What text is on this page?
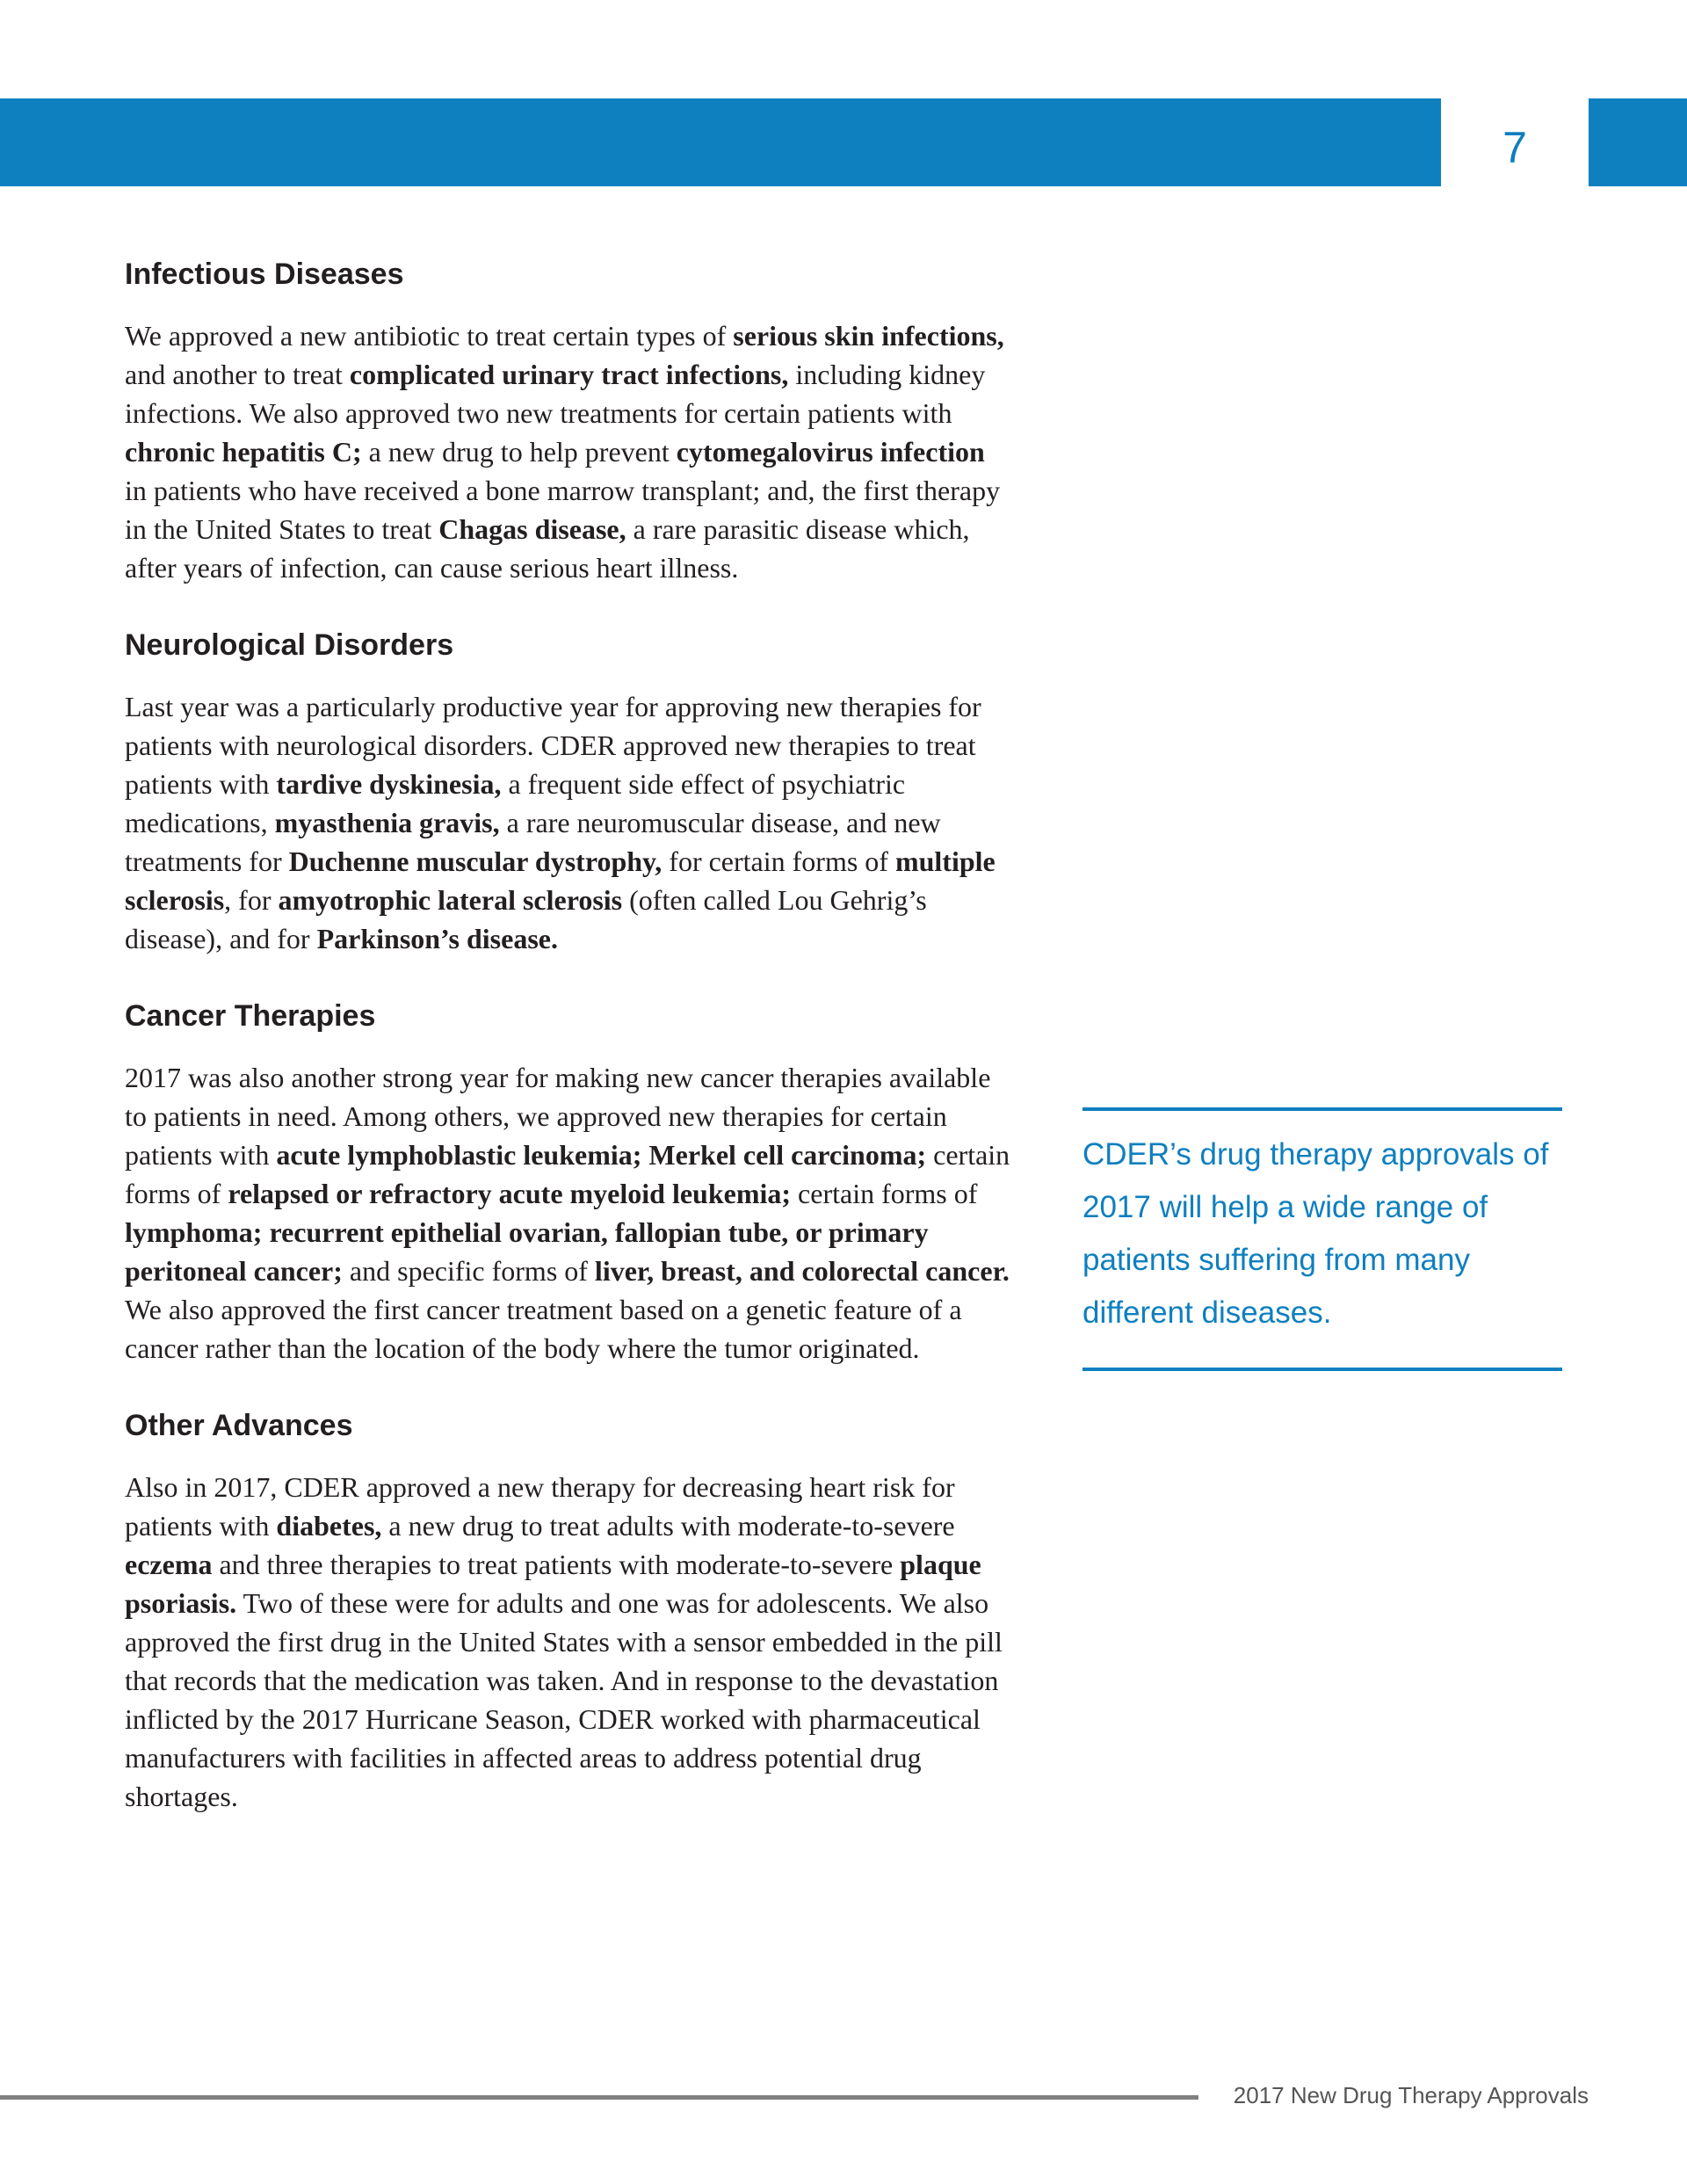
7
Infectious Diseases

We approved a new antibiotic to treat certain types of serious skin infections, and another to treat complicated urinary tract infections, including kidney infections. We also approved two new treatments for certain patients with chronic hepatitis C; a new drug to help prevent cytomegalovirus infection in patients who have received a bone marrow transplant; and, the first therapy in the United States to treat Chagas disease, a rare parasitic disease which, after years of infection, can cause serious heart illness.

Neurological Disorders

Last year was a particularly productive year for approving new therapies for patients with neurological disorders. CDER approved new therapies to treat patients with tardive dyskinesia, a frequent side effect of psychiatric medications, myasthenia gravis, a rare neuromuscular disease, and new treatments for Duchenne muscular dystrophy, for certain forms of multiple sclerosis, for amyotrophic lateral sclerosis (often called Lou Gehrig’s disease), and for Parkinson’s disease.

Cancer Therapies

2017 was also another strong year for making new cancer therapies available to patients in need. Among others, we approved new therapies for certain patients with acute lymphoblastic leukemia; Merkel cell carcinoma; certain forms of relapsed or refractory acute myeloid leukemia; certain forms of lymphoma; recurrent epithelial ovarian, fallopian tube, or primary peritoneal cancer; and specific forms of liver, breast, and colorectal cancer. We also approved the first cancer treatment based on a genetic feature of a cancer rather than the location of the body where the tumor originated.

Other Advances

Also in 2017, CDER approved a new therapy for decreasing heart risk for patients with diabetes, a new drug to treat adults with moderate-to-severe eczema and three therapies to treat patients with moderate-to-severe plaque psoriasis. Two of these were for adults and one was for adolescents. We also approved the first drug in the United States with a sensor embedded in the pill that records that the medication was taken. And in response to the devastation inflicted by the 2017 Hurricane Season, CDER worked with pharmaceutical manufacturers with facilities in affected areas to address potential drug shortages.

CDER’s drug therapy approvals of 2017 will help a wide range of patients suffering from many different diseases.

2017 New Drug Therapy Approvals
